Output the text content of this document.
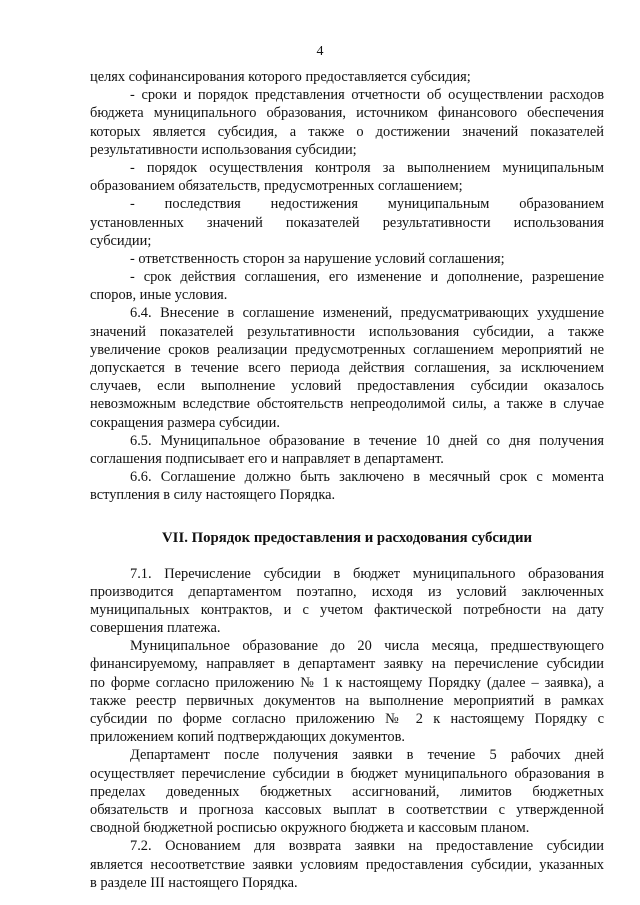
4
целях софинансирования которого предоставляется субсидия;
- сроки и порядок представления отчетности об осуществлении расходов
бюджета муниципального образования, источником финансового обеспечения
которых является субсидия, а также о достижении значений показателей
результативности использования субсидии;
- порядок осуществления контроля за выполнением муниципальным
образованием обязательств, предусмотренных соглашением;
- последствия недостижения муниципальным образованием
установленных значений показателей результативности использования
субсидии;
- ответственность сторон за нарушение условий соглашения;
- срок действия соглашения, его изменение и дополнение, разрешение
споров, иные условия.
6.4. Внесение в соглашение изменений, предусматривающих ухудшение
значений показателей результативности использования субсидии, а также
увеличение сроков реализации предусмотренных соглашением мероприятий не
допускается в течение всего периода действия соглашения, за исключением
случаев, если выполнение условий предоставления субсидии оказалось
невозможным вследствие обстоятельств непреодолимой силы, а также в случае
сокращения размера субсидии.
6.5. Муниципальное образование в течение 10 дней со дня получения
соглашения подписывает его и направляет в департамент.
6.6. Соглашение должно быть заключено в месячный срок с момента
вступления в силу настоящего Порядка.
VII. Порядок предоставления и расходования субсидии
7.1. Перечисление субсидии в бюджет муниципального образования
производится департаментом поэтапно, исходя из условий заключенных
муниципальных контрактов, и с учетом фактической потребности на дату
совершения платежа.
Муниципальное образование до 20 числа месяца, предшествующего
финансируемому, направляет в департамент заявку на перечисление субсидии
по форме согласно приложению № 1 к настоящему Порядку (далее – заявка), а
также реестр первичных документов на выполнение мероприятий в рамках
субсидии по форме согласно приложению № 2 к настоящему Порядку с
приложением копий подтверждающих документов.
Департамент после получения заявки в течение 5 рабочих дней
осуществляет перечисление субсидии в бюджет муниципального образования в
пределах доведенных бюджетных ассигнований, лимитов бюджетных
обязательств и прогноза кассовых выплат в соответствии с утвержденной
сводной бюджетной росписью окружного бюджета и кассовым планом.
7.2. Основанием для возврата заявки на предоставление субсидии
является несоответствие заявки условиям предоставления субсидии, указанных
в разделе III настоящего Порядка.
